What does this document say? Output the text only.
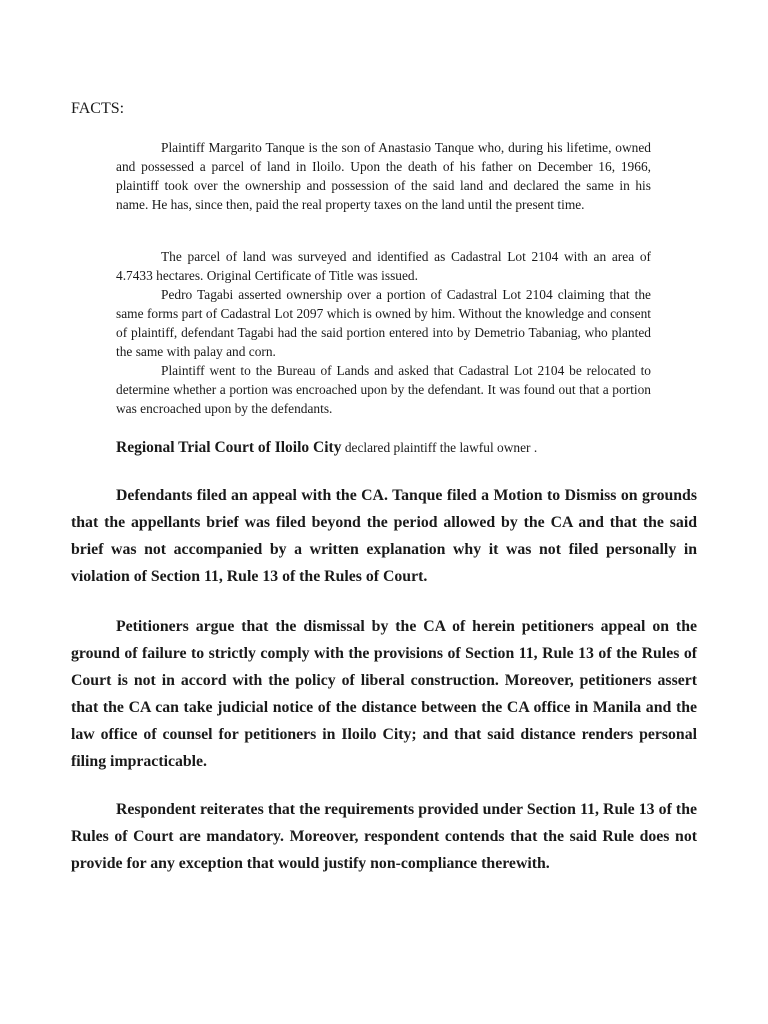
FACTS:

Plaintiff Margarito Tanque is the son of Anastasio Tanque who, during his lifetime, owned and possessed a parcel of land in Iloilo. Upon the death of his father on December 16, 1966, plaintiff took over the ownership and possession of the said land and declared the same in his name. He has, since then, paid the real property taxes on the land until the present time.

The parcel of land was surveyed and identified as Cadastral Lot 2104 with an area of 4.7433 hectares. Original Certificate of Title was issued.

Pedro Tagabi asserted ownership over a portion of Cadastral Lot 2104 claiming that the same forms part of Cadastral Lot 2097 which is owned by him. Without the knowledge and consent of plaintiff, defendant Tagabi had the said portion entered into by Demetrio Tabaniag, who planted the same with palay and corn.

Plaintiff went to the Bureau of Lands and asked that Cadastral Lot 2104 be relocated to determine whether a portion was encroached upon by the defendant. It was found out that a portion was encroached upon by the defendants.

Regional Trial Court of Iloilo City declared plaintiff the lawful owner .

Defendants filed an appeal with the CA. Tanque filed a Motion to Dismiss on grounds that the appellants brief was filed beyond the period allowed by the CA and that the said brief was not accompanied by a written explanation why it was not filed personally in violation of Section 11, Rule 13 of the Rules of Court.

Petitioners argue that the dismissal by the CA of herein petitioners appeal on the ground of failure to strictly comply with the provisions of Section 11, Rule 13 of the Rules of Court is not in accord with the policy of liberal construction. Moreover, petitioners assert that the CA can take judicial notice of the distance between the CA office in Manila and the law office of counsel for petitioners in Iloilo City; and that said distance renders personal filing impracticable.

Respondent reiterates that the requirements provided under Section 11, Rule 13 of the Rules of Court are mandatory. Moreover, respondent contends that the said Rule does not provide for any exception that would justify non-compliance therewith.
